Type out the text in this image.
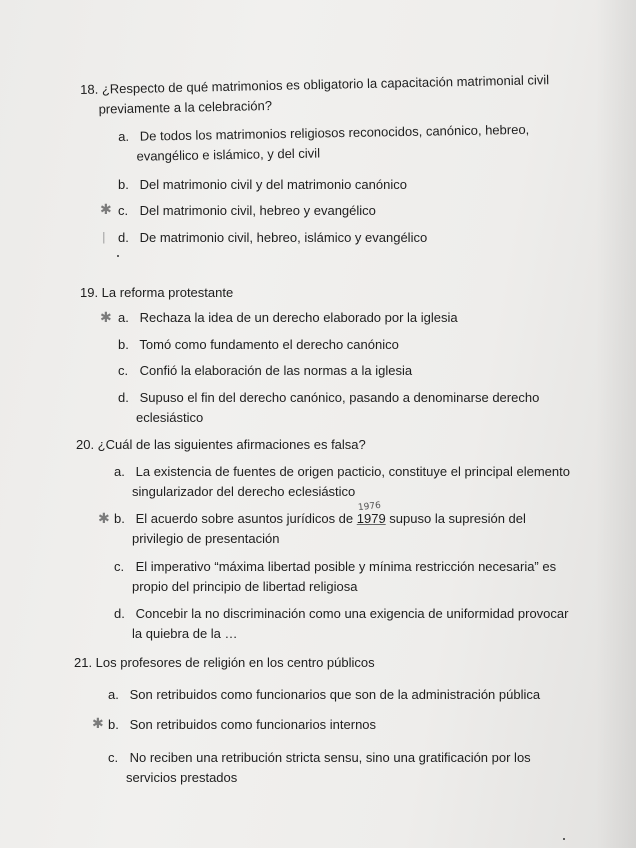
18. ¿Respecto de qué matrimonios es obligatorio la capacitación matrimonial civil
previamente a la celebración?
a. De todos los matrimonios religiosos reconocidos, canónico, hebreo,
evangélico e islámico, y del civil
b. Del matrimonio civil y del matrimonio canónico
✱ c. Del matrimonio civil, hebreo y evangélico
ǀ d. De matrimonio civil, hebreo, islámico y evangélico
19. La reforma protestante
✱ a. Rechaza la idea de un derecho elaborado por la iglesia
b. Tomó como fundamento el derecho canónico
c. Confió la elaboración de las normas a la iglesia
d. Supuso el fin del derecho canónico, pasando a denominarse derecho
eclesiástico
20. ¿Cuál de las siguientes afirmaciones es falsa?
a. La existencia de fuentes de origen pacticio, constituye el principal elemento
singularizador del derecho eclesiástico
1976
✱ b. El acuerdo sobre asuntos jurídicos de 1979 supuso la supresión del
privilegio de presentación
c. El imperativo “máxima libertad posible y mínima restricción necesaria” es
propio del principio de libertad religiosa
d. Concebir la no discriminación como una exigencia de uniformidad provocar
la quiebra de la …
21. Los profesores de religión en los centro públicos
a. Son retribuidos como funcionarios que son de la administración pública
✱ b. Son retribuidos como funcionarios internos
c. No reciben una retribución stricta sensu, sino una gratificación por los
servicios prestados
